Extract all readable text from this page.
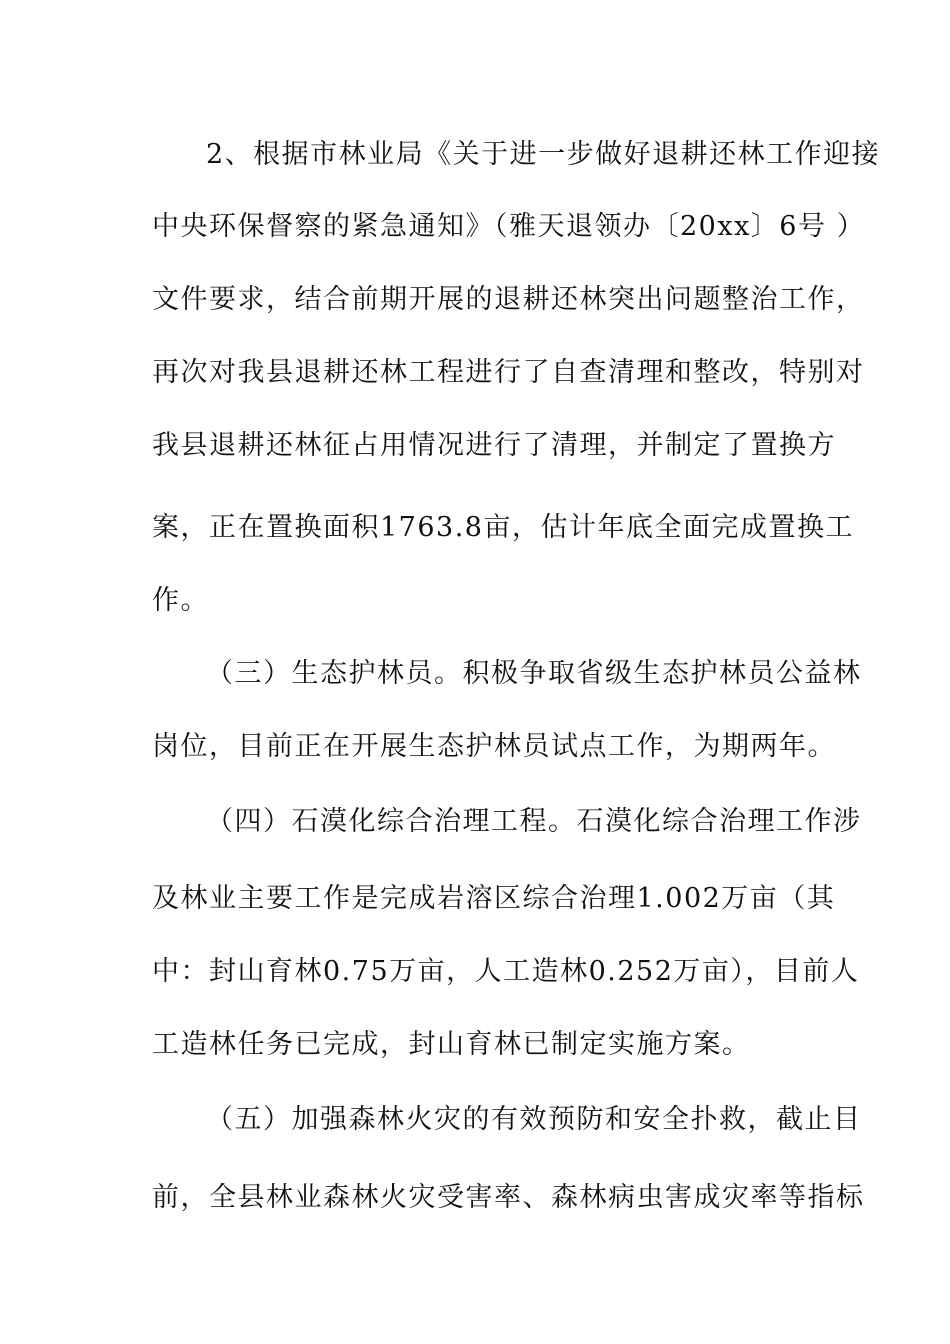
2、根据市林业局《关于进一步做好退耕还林工作迎接

中央环保督察的紧急通知》（雅天退领办〔20xx〕6号 ）

文件要求，结合前期开展的退耕还林突出问题整治工作，

再次对我县退耕还林工程进行了自查清理和整改，特别对

我县退耕还林征占用情况进行了清理，并制定了置换方

案，正在置换面积1763.8亩，估计年底全面完成置换工

作。

（三）生态护林员。积极争取省级生态护林员公益林

岗位，目前正在开展生态护林员试点工作，为期两年。

（四）石漠化综合治理工程。石漠化综合治理工作涉

及林业主要工作是完成岩溶区综合治理1.002万亩（其

中：封山育林0.75万亩，人工造林0.252万亩），目前人

工造林任务已完成，封山育林已制定实施方案。

（五）加强森林火灾的有效预防和安全扑救，截止目

前，全县林业森林火灾受害率、森林病虫害成灾率等指标
